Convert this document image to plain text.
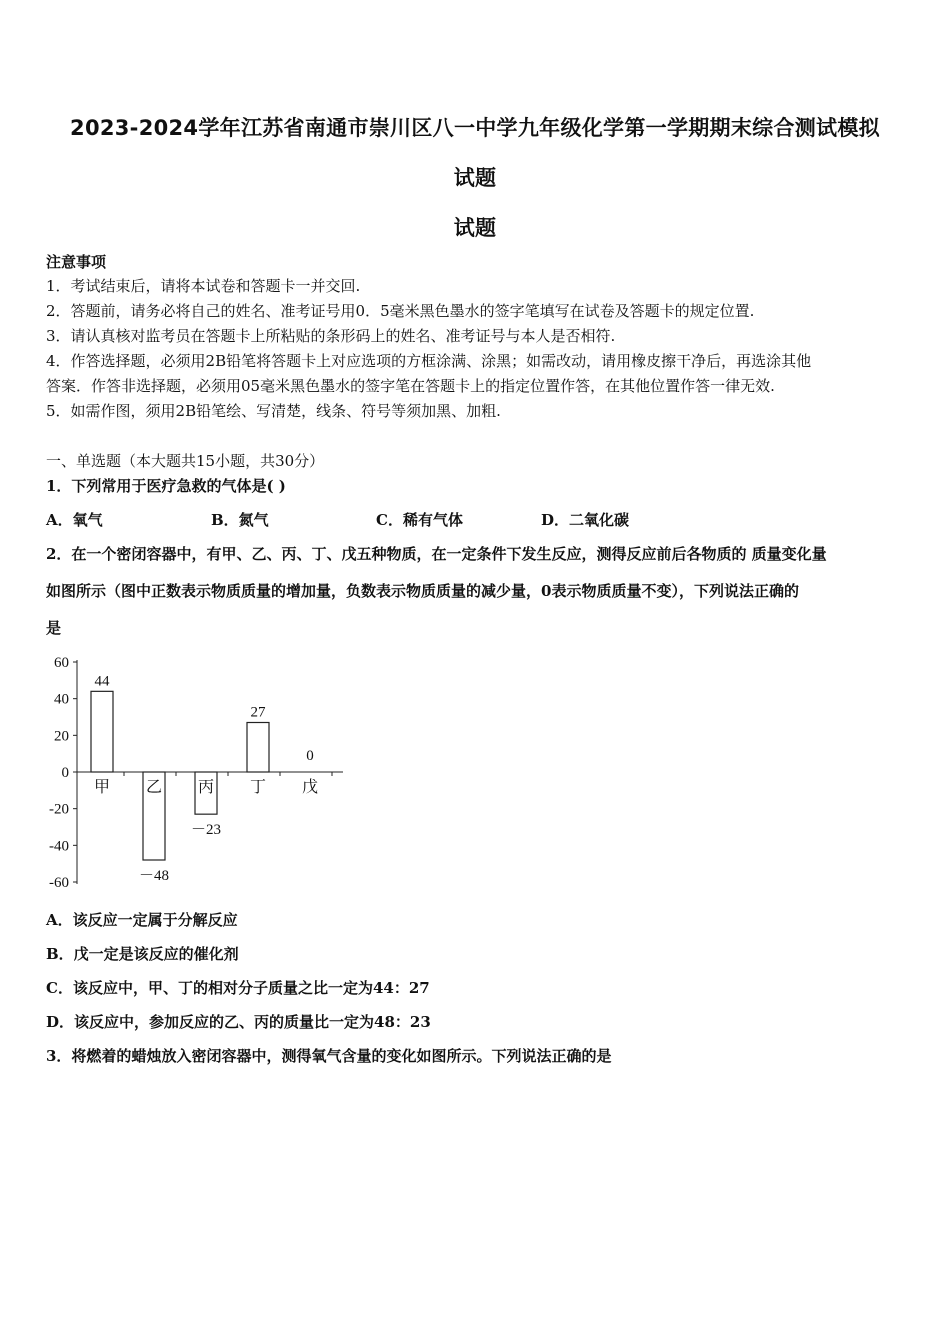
2023-2024学年江苏省南通市崇川区八一中学九年级化学第一学期期末综合测试模拟
试题
试题
注意事项
1．考试结束后，请将本试卷和答题卡一并交回.
2．答题前，请务必将自己的姓名、准考证号用0．5毫米黑色墨水的签字笔填写在试卷及答题卡的规定位置.
3．请认真核对监考员在答题卡上所粘贴的条形码上的姓名、准考证号与本人是否相符.
4．作答选择题，必须用2B铅笔将答题卡上对应选项的方框涂满、涂黑；如需改动，请用橡皮擦干净后，再选涂其他
答案．作答非选择题，必须用05毫米黑色墨水的签字笔在答题卡上的指定位置作答，在其他位置作答一律无效.
5．如需作图，须用2B铅笔绘、写清楚，线条、符号等须加黑、加粗.
一、单选题（本大题共15小题，共30分）
1．下列常用于医疗急救的气体是( )
A．氧气	B．氮气	C．稀有气体	D．二氧化碳
2．在一个密闭容器中，有甲、乙、丙、丁、戊五种物质，在一定条件下发生反应，测得反应前后各物质的 质量变化量
如图所示（图中正数表示物质质量的增加量，负数表示物质质量的减少量，0表示物质质量不变），下列说法正确的
是
60
40
20
0
-20
-40
-60
44
甲
－48
乙
－23
丙
27
丁
0
戊
A．该反应一定属于分解反应
B．戊一定是该反应的催化剂
C．该反应中，甲、丁的相对分子质量之比一定为44：27
D．该反应中，参加反应的乙、丙的质量比一定为48：23
3．将燃着的蜡烛放入密闭容器中，测得氧气含量的变化如图所示。下列说法正确的是
